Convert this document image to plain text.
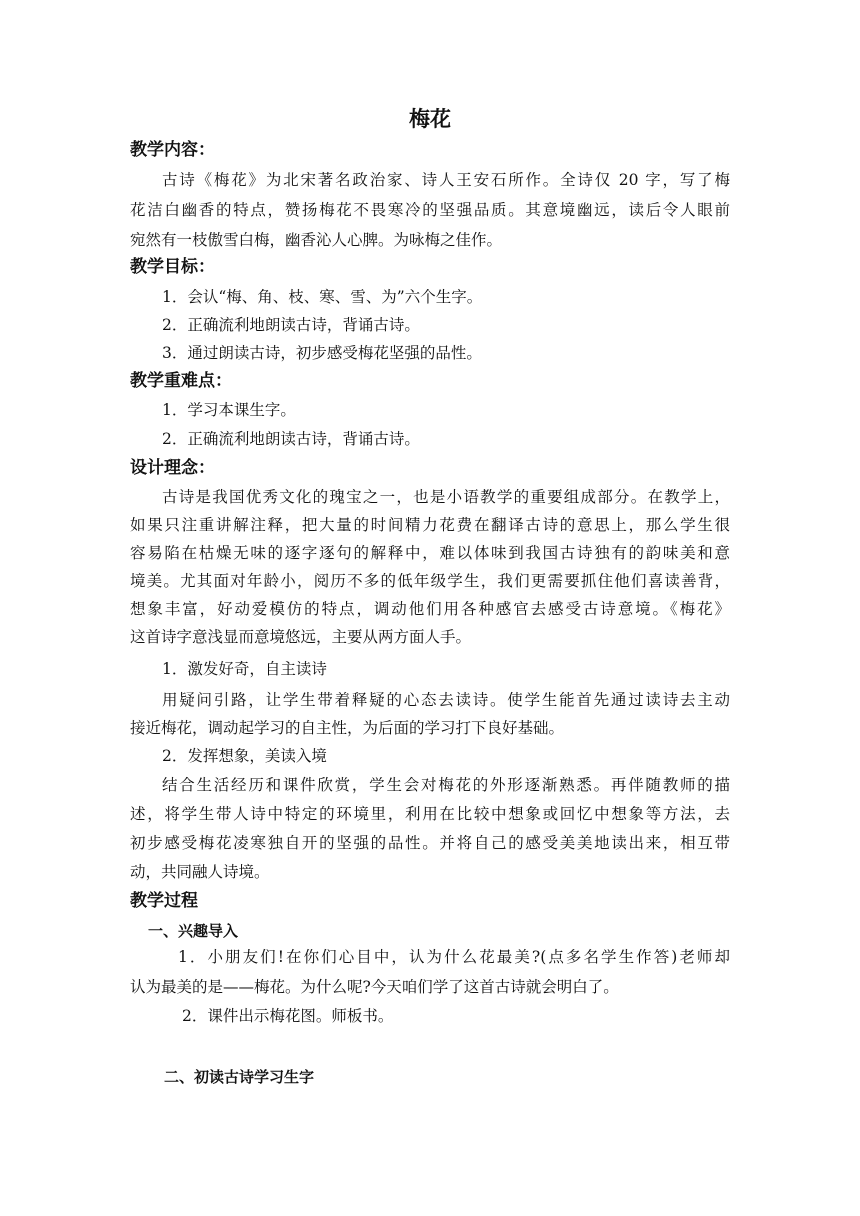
梅花
教学内容：
古诗《梅花》为北宋著名政治家、诗人王安石所作。全诗仅 20 字，写了梅
花洁白幽香的特点，赞扬梅花不畏寒冷的坚强品质。其意境幽远，读后令人眼前
宛然有一枝傲雪白梅，幽香沁人心脾。为咏梅之佳作。
教学目标：
1．会认“梅、角、枝、寒、雪、为”六个生字。
2．正确流利地朗读古诗，背诵古诗。
3．通过朗读古诗，初步感受梅花坚强的品性。
教学重难点：
1．学习本课生字。
2．正确流利地朗读古诗，背诵古诗。
设计理念：
古诗是我国优秀文化的瑰宝之一，也是小语教学的重要组成部分。在教学上，
如果只注重讲解注释，把大量的时间精力花费在翻译古诗的意思上，那么学生很
容易陷在枯燥无味的逐字逐句的解释中，难以体味到我国古诗独有的韵味美和意
境美。尤其面对年龄小，阅历不多的低年级学生，我们更需要抓住他们喜读善背，
想象丰富，好动爱模仿的特点，调动他们用各种感官去感受古诗意境。《梅花》
这首诗字意浅显而意境悠远，主要从两方面人手。
1．激发好奇，自主读诗
用疑问引路，让学生带着释疑的心态去读诗。使学生能首先通过读诗去主动
接近梅花，调动起学习的自主性，为后面的学习打下良好基础。
2．发挥想象，美读入境
结合生活经历和课件欣赏，学生会对梅花的外形逐渐熟悉。再伴随教师的描
述，将学生带人诗中特定的环境里，利用在比较中想象或回忆中想象等方法，去
初步感受梅花凌寒独自开的坚强的品性。并将自己的感受美美地读出来，相互带
动，共同融人诗境。
教学过程
一、兴趣导入
1．小朋友们!在你们心目中，认为什么花最美?(点多名学生作答)老师却
认为最美的是——梅花。为什么呢?今天咱们学了这首古诗就会明白了。
2．课件出示梅花图。师板书。
二、初读古诗学习生字
